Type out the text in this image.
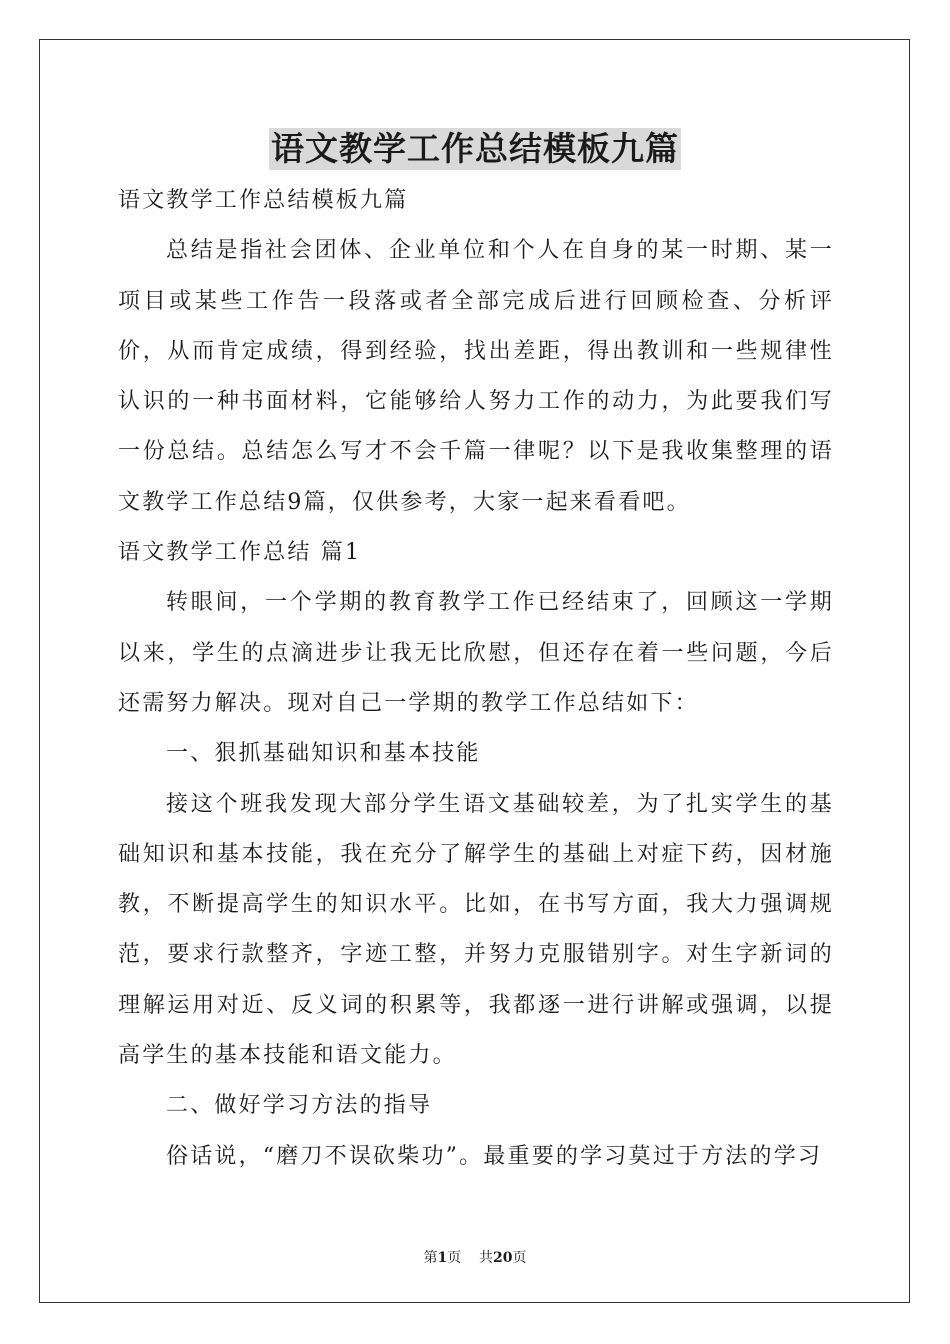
语文教学工作总结模板九篇

语文教学工作总结模板九篇

总结是指社会团体、企业单位和个人在自身的某一时期、某一项目或某些工作告一段落或者全部完成后进行回顾检查、分析评价，从而肯定成绩，得到经验，找出差距，得出教训和一些规律性认识的一种书面材料，它能够给人努力工作的动力，为此要我们写一份总结。总结怎么写才不会千篇一律呢？以下是我收集整理的语文教学工作总结9篇，仅供参考，大家一起来看看吧。

语文教学工作总结 篇1

转眼间，一个学期的教育教学工作已经结束了，回顾这一学期以来，学生的点滴进步让我无比欣慰，但还存在着一些问题，今后还需努力解决。现对自己一学期的教学工作总结如下：

一、狠抓基础知识和基本技能

接这个班我发现大部分学生语文基础较差，为了扎实学生的基础知识和基本技能，我在充分了解学生的基础上对症下药，因材施教，不断提高学生的知识水平。比如，在书写方面，我大力强调规范，要求行款整齐，字迹工整，并努力克服错别字。对生字新词的理解运用对近、反义词的积累等，我都逐一进行讲解或强调，以提高学生的基本技能和语文能力。

二、做好学习方法的指导

俗话说，“磨刀不误砍柴功”。最重要的学习莫过于方法的学习

第1页    共20页
